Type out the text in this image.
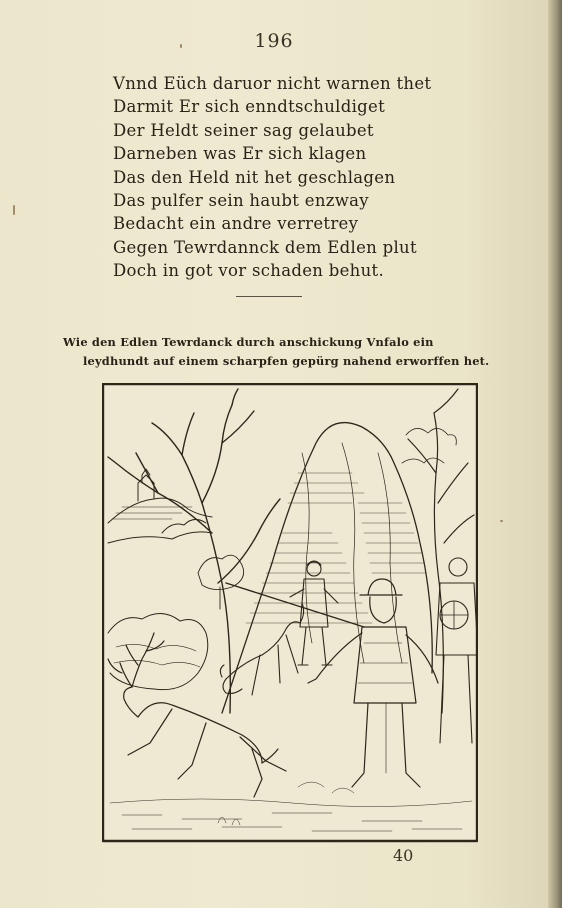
196
Vnnd Eüch daruor nicht warnen thet
Darmit Er sich enndtschuldiget
Der Heldt seiner sag gelaubet
Darneben was Er sich klagen
Das den Held nit het geschlagen
Das pulfer sein haubt enzway
Bedacht ein andre verretrey
Gegen Tewrdannck dem Edlen plut
Doch in got vor schaden behut.
Wie den Edlen Tewrdanck durch anschickung Vnfalo ein
leydhundt auf einem scharpfen gepürg nahend erworffen het.
40
